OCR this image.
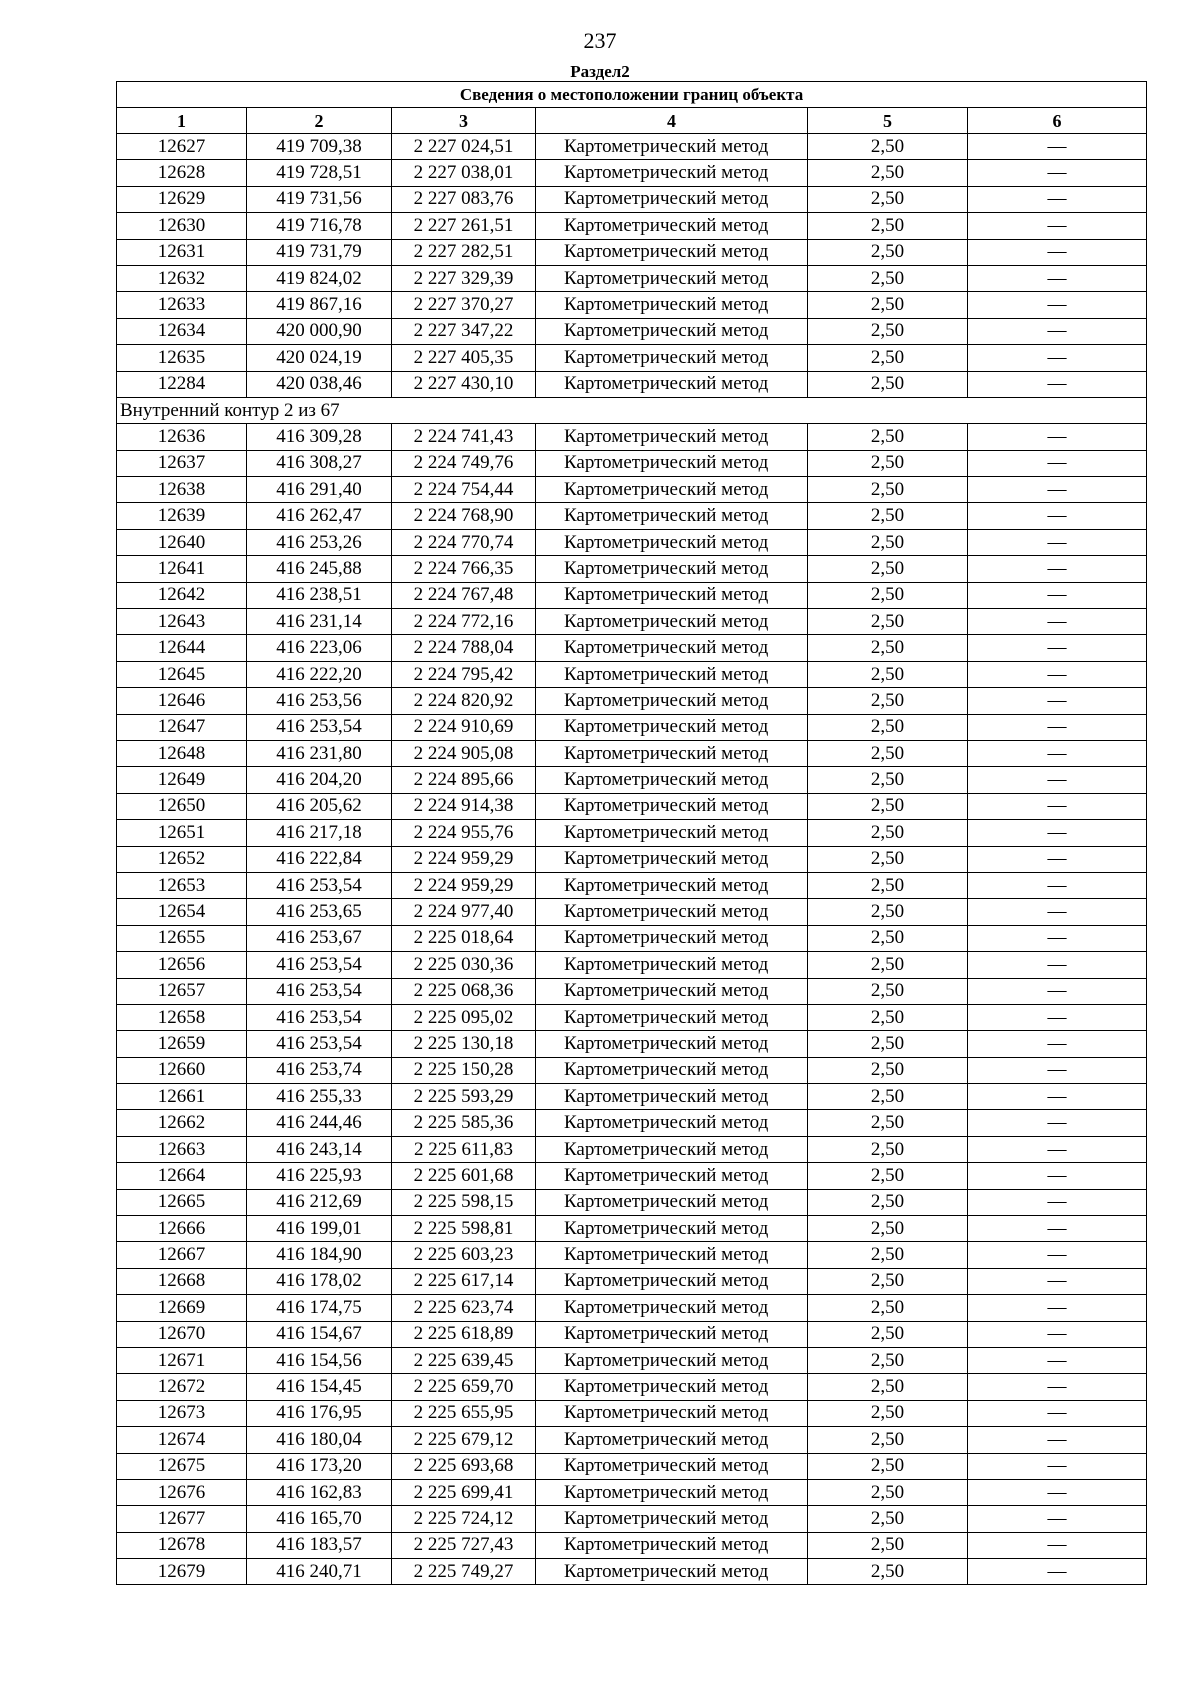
237
Раздел2
Сведения о местоположении границ объекта					
1	2	3	4	5	6
12627	419 709,38	2 227 024,51	Картометрический метод	2,50	—
12628	419 728,51	2 227 038,01	Картометрический метод	2,50	—
12629	419 731,56	2 227 083,76	Картометрический метод	2,50	—
12630	419 716,78	2 227 261,51	Картометрический метод	2,50	—
12631	419 731,79	2 227 282,51	Картометрический метод	2,50	—
12632	419 824,02	2 227 329,39	Картометрический метод	2,50	—
12633	419 867,16	2 227 370,27	Картометрический метод	2,50	—
12634	420 000,90	2 227 347,22	Картометрический метод	2,50	—
12635	420 024,19	2 227 405,35	Картометрический метод	2,50	—
12284	420 038,46	2 227 430,10	Картометрический метод	2,50	—
Внутренний контур 2 из 67					
12636	416 309,28	2 224 741,43	Картометрический метод	2,50	—
12637	416 308,27	2 224 749,76	Картометрический метод	2,50	—
12638	416 291,40	2 224 754,44	Картометрический метод	2,50	—
12639	416 262,47	2 224 768,90	Картометрический метод	2,50	—
12640	416 253,26	2 224 770,74	Картометрический метод	2,50	—
12641	416 245,88	2 224 766,35	Картометрический метод	2,50	—
12642	416 238,51	2 224 767,48	Картометрический метод	2,50	—
12643	416 231,14	2 224 772,16	Картометрический метод	2,50	—
12644	416 223,06	2 224 788,04	Картометрический метод	2,50	—
12645	416 222,20	2 224 795,42	Картометрический метод	2,50	—
12646	416 253,56	2 224 820,92	Картометрический метод	2,50	—
12647	416 253,54	2 224 910,69	Картометрический метод	2,50	—
12648	416 231,80	2 224 905,08	Картометрический метод	2,50	—
12649	416 204,20	2 224 895,66	Картометрический метод	2,50	—
12650	416 205,62	2 224 914,38	Картометрический метод	2,50	—
12651	416 217,18	2 224 955,76	Картометрический метод	2,50	—
12652	416 222,84	2 224 959,29	Картометрический метод	2,50	—
12653	416 253,54	2 224 959,29	Картометрический метод	2,50	—
12654	416 253,65	2 224 977,40	Картометрический метод	2,50	—
12655	416 253,67	2 225 018,64	Картометрический метод	2,50	—
12656	416 253,54	2 225 030,36	Картометрический метод	2,50	—
12657	416 253,54	2 225 068,36	Картометрический метод	2,50	—
12658	416 253,54	2 225 095,02	Картометрический метод	2,50	—
12659	416 253,54	2 225 130,18	Картометрический метод	2,50	—
12660	416 253,74	2 225 150,28	Картометрический метод	2,50	—
12661	416 255,33	2 225 593,29	Картометрический метод	2,50	—
12662	416 244,46	2 225 585,36	Картометрический метод	2,50	—
12663	416 243,14	2 225 611,83	Картометрический метод	2,50	—
12664	416 225,93	2 225 601,68	Картометрический метод	2,50	—
12665	416 212,69	2 225 598,15	Картометрический метод	2,50	—
12666	416 199,01	2 225 598,81	Картометрический метод	2,50	—
12667	416 184,90	2 225 603,23	Картометрический метод	2,50	—
12668	416 178,02	2 225 617,14	Картометрический метод	2,50	—
12669	416 174,75	2 225 623,74	Картометрический метод	2,50	—
12670	416 154,67	2 225 618,89	Картометрический метод	2,50	—
12671	416 154,56	2 225 639,45	Картометрический метод	2,50	—
12672	416 154,45	2 225 659,70	Картометрический метод	2,50	—
12673	416 176,95	2 225 655,95	Картометрический метод	2,50	—
12674	416 180,04	2 225 679,12	Картометрический метод	2,50	—
12675	416 173,20	2 225 693,68	Картометрический метод	2,50	—
12676	416 162,83	2 225 699,41	Картометрический метод	2,50	—
12677	416 165,70	2 225 724,12	Картометрический метод	2,50	—
12678	416 183,57	2 225 727,43	Картометрический метод	2,50	—
12679	416 240,71	2 225 749,27	Картометрический метод	2,50	—
